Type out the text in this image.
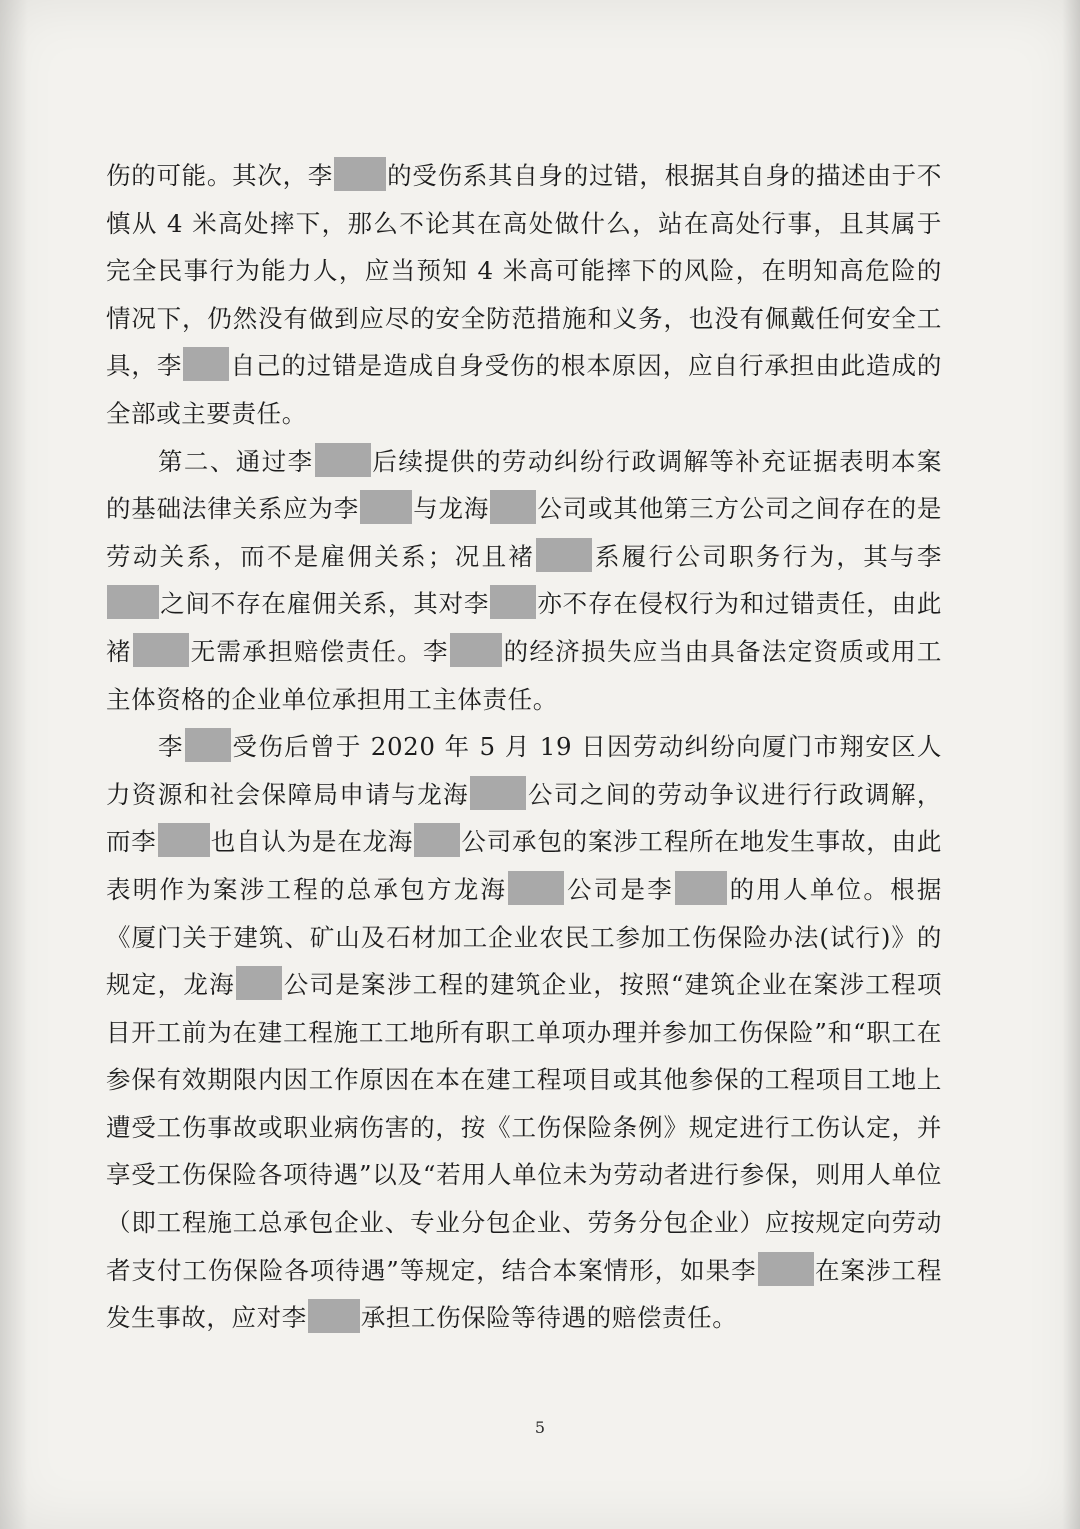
伤的可能。其次，李 的受伤系其自身的过错，根据其自身的描述由于不慎从 4 米高处摔下，那么不论其在高处做什么，站在高处行事，且其属于完全民事行为能力人，应当预知 4 米高可能摔下的风险，在明知高危险的情况下，仍然没有做到应尽的安全防范措施和义务，也没有佩戴任何安全工具，李 自己的过错是造成自身受伤的根本原因，应自行承担由此造成的全部或主要责任。

第二、通过李 后续提供的劳动纠纷行政调解等补充证据表明本案的基础法律关系应为李 与龙海 公司或其他第三方公司之间存在的是劳动关系，而不是雇佣关系；况且褚 系履行公司职务行为，其与李之间不存在雇佣关系，其对李 亦不存在侵权行为和过错责任，由此褚 无需承担赔偿责任。李 的经济损失应当由具备法定资质或用工主体资格的企业单位承担用工主体责任。

李 受伤后曾于 2020 年 5 月 19 日因劳动纠纷向厦门市翔安区人力资源和社会保障局申请与龙海 公司之间的劳动争议进行行政调解，而李 也自认为是在龙海 公司承包的案涉工程所在地发生事故，由此表明作为案涉工程的总承包方龙海 公司是李 的用人单位。根据《厦门关于建筑、矿山及石材加工企业农民工参加工伤保险办法(试行)》的规定，龙海 公司是案涉工程的建筑企业，按照“建筑企业在案涉工程项目开工前为在建工程施工工地所有职工单项办理并参加工伤保险”和“职工在参保有效期限内因工作原因在本在建工程项目或其他参保的工程项目工地上遭受工伤事故或职业病伤害的，按《工伤保险条例》规定进行工伤认定，并享受工伤保险各项待遇”以及“若用人单位未为劳动者进行参保，则用人单位（即工程施工总承包企业、专业分包企业、劳务分包企业）应按规定向劳动者支付工伤保险各项待遇”等规定，结合本案情形，如果李 在案涉工程发生事故，应对李 承担工伤保险等待遇的赔偿责任。

5
